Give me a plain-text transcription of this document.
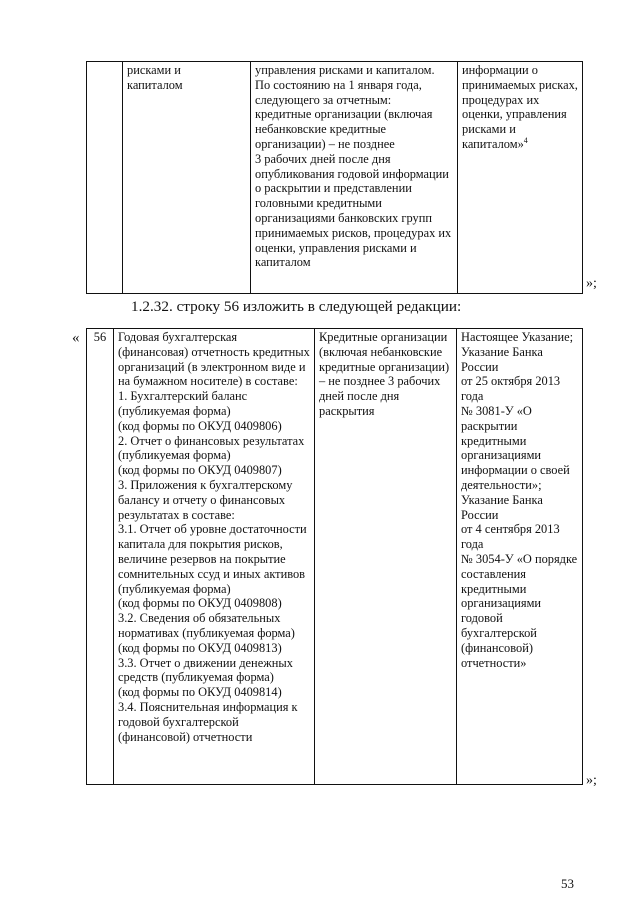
	рисками и
капиталом	управления рисками и капиталом.
По состоянию на 1 января года, следующего за отчетным:
кредитные организации (включая небанковские кредитные организации) – не позднее
3 рабочих дней после дня опубликования годовой информации о раскрытии и представлении головными кредитными организациями банковских групп принимаемых рисков, процедурах их оценки, управления рисками и капиталом	информации о принимаемых рисках, процедурах их оценки, управления рисками и капиталом»$^4$
»;
1.2.32. строку 56 изложить в следующей редакции:
« 56	Годовая бухгалтерская (финансовая) отчетность кредитных организаций (в электронном виде и на бумажном носителе) в составе:
1. Бухгалтерский баланс (публикуемая форма)
(код формы по ОКУД 0409806)
2. Отчет о финансовых результатах (публикуемая форма)
(код формы по ОКУД 0409807)
3. Приложения к бухгалтерскому балансу и отчету о финансовых результатах в составе:
3.1. Отчет об уровне достаточности капитала для покрытия рисков, величине резервов на покрытие сомнительных ссуд и иных активов (публикуемая форма)
(код формы по ОКУД 0409808)
3.2. Сведения об обязательных нормативах (публикуемая форма)
(код формы по ОКУД 0409813)
3.3. Отчет о движении денежных средств (публикуемая форма)
(код формы по ОКУД 0409814)
3.4. Пояснительная информация к годовой бухгалтерской (финансовой) отчетности	Кредитные организации (включая небанковские кредитные организации) – не позднее 3 рабочих дней после дня раскрытия	Настоящее Указание;
Указание Банка России
от 25 октября 2013 года
№ 3081-У «О раскрытии кредитными организациями информации о своей деятельности»;
Указание Банка России
от 4 сентября 2013 года
№ 3054-У «О порядке составления кредитными организациями годовой бухгалтерской (финансовой) отчетности»
»;
53
